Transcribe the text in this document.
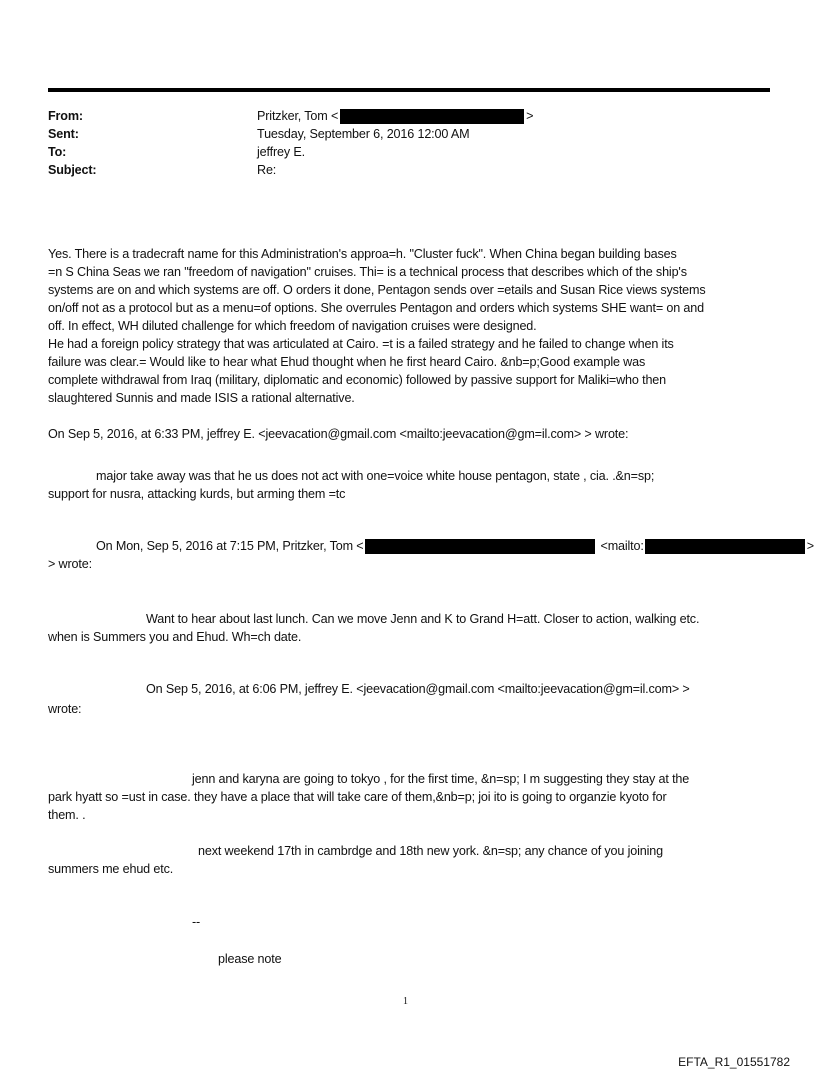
From:	Pritzker, Tom <	>
Sent:	Tuesday, September 6, 2016 12:00 AM
To:	jeffrey E.
Subject:	Re:
Yes. There is a tradecraft name for this Administration's approa=h. "Cluster fuck". When China began building bases
=n S China Seas we ran "freedom of navigation" cruises. Thi= is a technical process that describes which of the ship's
systems are on and which systems are off. O orders it done, Pentagon sends over =etails and Susan Rice views systems
on/off not as a protocol but as a menu=of options. She overrules Pentagon and orders which systems SHE want= on and
off. In effect, WH diluted challenge for which freedom of navigation cruises were designed.
He had a foreign policy strategy that was articulated at Cairo. =t is a failed strategy and he failed to change when its
failure was clear.= Would like to hear what Ehud thought when he first heard Cairo. &nb=p;Good example was
complete withdrawal from Iraq (military, diplomatic and economic) followed by passive support for Maliki=who then
slaughtered Sunnis and made ISIS a rational alternative.
On Sep 5, 2016, at 6:33 PM, jeffrey E. <jeevacation@gmail.com <mailto:jeevacation@gm=il.com> > wrote:
major take away was that he us does not act with one=voice white house pentagon, state , cia. .&n=sp;
support for nusra, attacking kurds, but arming them =tc
On Mon, Sep 5, 2016 at 7:15 PM, Pritzker, Tom <	<mailto:	>
> wrote:
Want to hear about last lunch. Can we move Jenn and K to Grand H=att. Closer to action, walking etc.
when is Summers you and Ehud. Wh=ch date.
On Sep 5, 2016, at 6:06 PM, jeffrey E. <jeevacation@gmail.com <mailto:jeevacation@gm=il.com> >
wrote:
jenn and karyna are going to tokyo , for the first time, &n=sp; I m suggesting they stay at the
park hyatt so =ust in case. they have a place that will take care of them,&nb=p; joi ito is going to organzie kyoto for
them. .
next weekend 17th in cambrdge and 18th new york. &n=sp; any chance of you joining
summers me ehud etc.
--
please note
1
EFTA_R1_01551782
